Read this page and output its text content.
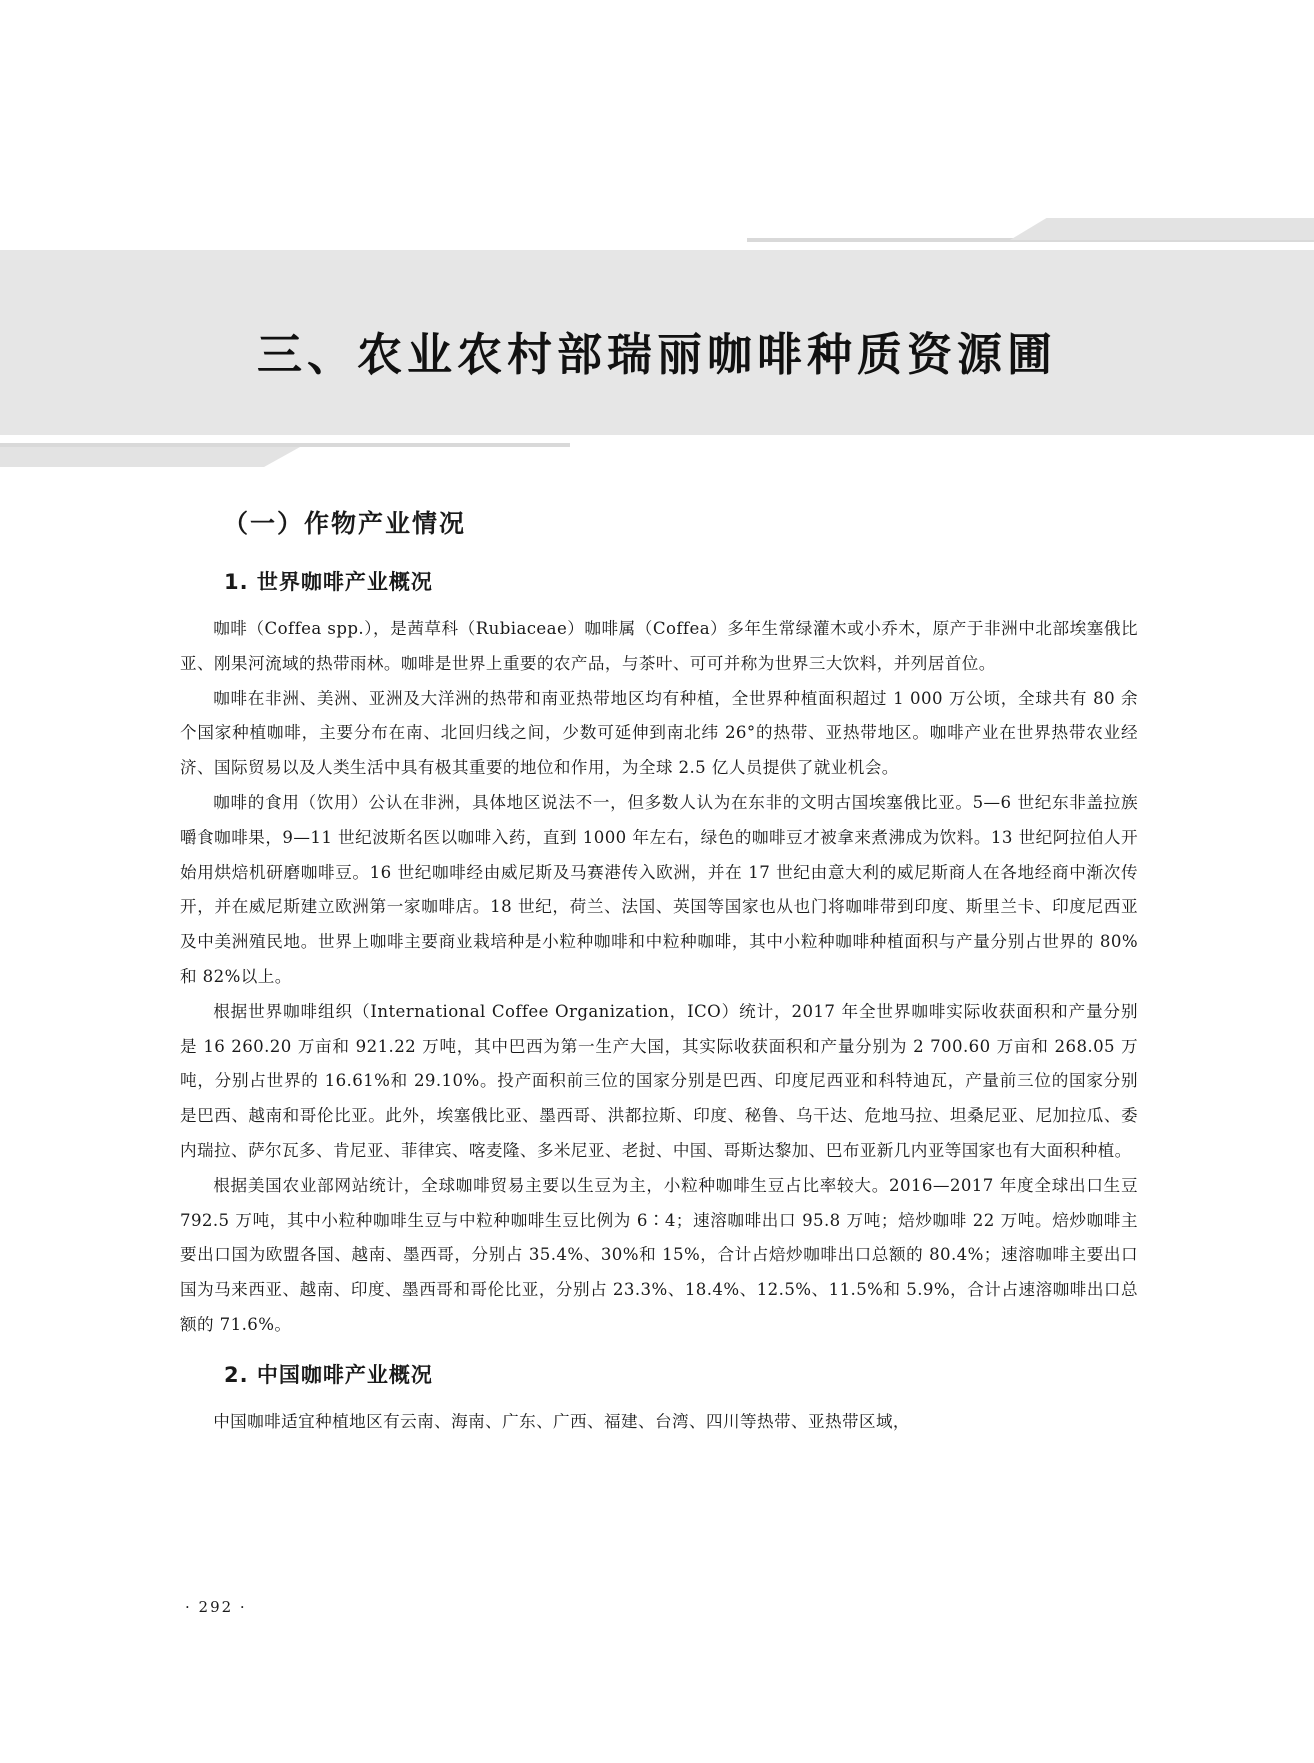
三、农业农村部瑞丽咖啡种质资源圃
（一）作物产业情况
1. 世界咖啡产业概况

咖啡（Coffea spp.），是茜草科（Rubiaceae）咖啡属（Coffea）多年生常绿灌木或小乔木，原产于非洲中北部埃塞俄比亚、刚果河流域的热带雨林。咖啡是世界上重要的农产品，与茶叶、可可并称为世界三大饮料，并列居首位。

咖啡在非洲、美洲、亚洲及大洋洲的热带和南亚热带地区均有种植，全世界种植面积超过 1 000 万公顷，全球共有 80 余个国家种植咖啡，主要分布在南、北回归线之间，少数可延伸到南北纬 26°的热带、亚热带地区。咖啡产业在世界热带农业经济、国际贸易以及人类生活中具有极其重要的地位和作用，为全球 2.5 亿人员提供了就业机会。

咖啡的食用（饮用）公认在非洲，具体地区说法不一，但多数人认为在东非的文明古国埃塞俄比亚。5—6 世纪东非盖拉族嚼食咖啡果，9—11 世纪波斯名医以咖啡入药，直到 1000 年左右，绿色的咖啡豆才被拿来煮沸成为饮料。13 世纪阿拉伯人开始用烘焙机研磨咖啡豆。16 世纪咖啡经由威尼斯及马赛港传入欧洲，并在 17 世纪由意大利的威尼斯商人在各地经商中渐次传开，并在威尼斯建立欧洲第一家咖啡店。18 世纪，荷兰、法国、英国等国家也从也门将咖啡带到印度、斯里兰卡、印度尼西亚及中美洲殖民地。世界上咖啡主要商业栽培种是小粒种咖啡和中粒种咖啡，其中小粒种咖啡种植面积与产量分别占世界的 80%和 82%以上。

根据世界咖啡组织（International Coffee Organization，ICO）统计，2017 年全世界咖啡实际收获面积和产量分别是 16 260.20 万亩和 921.22 万吨，其中巴西为第一生产大国，其实际收获面积和产量分别为 2 700.60 万亩和 268.05 万吨，分别占世界的 16.61%和 29.10%。投产面积前三位的国家分别是巴西、印度尼西亚和科特迪瓦，产量前三位的国家分别是巴西、越南和哥伦比亚。此外，埃塞俄比亚、墨西哥、洪都拉斯、印度、秘鲁、乌干达、危地马拉、坦桑尼亚、尼加拉瓜、委内瑞拉、萨尔瓦多、肯尼亚、菲律宾、喀麦隆、多米尼亚、老挝、中国、哥斯达黎加、巴布亚新几内亚等国家也有大面积种植。

根据美国农业部网站统计，全球咖啡贸易主要以生豆为主，小粒种咖啡生豆占比率较大。2016—2017 年度全球出口生豆 792.5 万吨，其中小粒种咖啡生豆与中粒种咖啡生豆比例为 6∶4；速溶咖啡出口 95.8 万吨；焙炒咖啡 22 万吨。焙炒咖啡主要出口国为欧盟各国、越南、墨西哥，分别占 35.4%、30%和 15%，合计占焙炒咖啡出口总额的 80.4%；速溶咖啡主要出口国为马来西亚、越南、印度、墨西哥和哥伦比亚，分别占 23.3%、18.4%、12.5%、11.5%和 5.9%，合计占速溶咖啡出口总额的 71.6%。

2. 中国咖啡产业概况

中国咖啡适宜种植地区有云南、海南、广东、广西、福建、台湾、四川等热带、亚热带区域，

· 292 ·
